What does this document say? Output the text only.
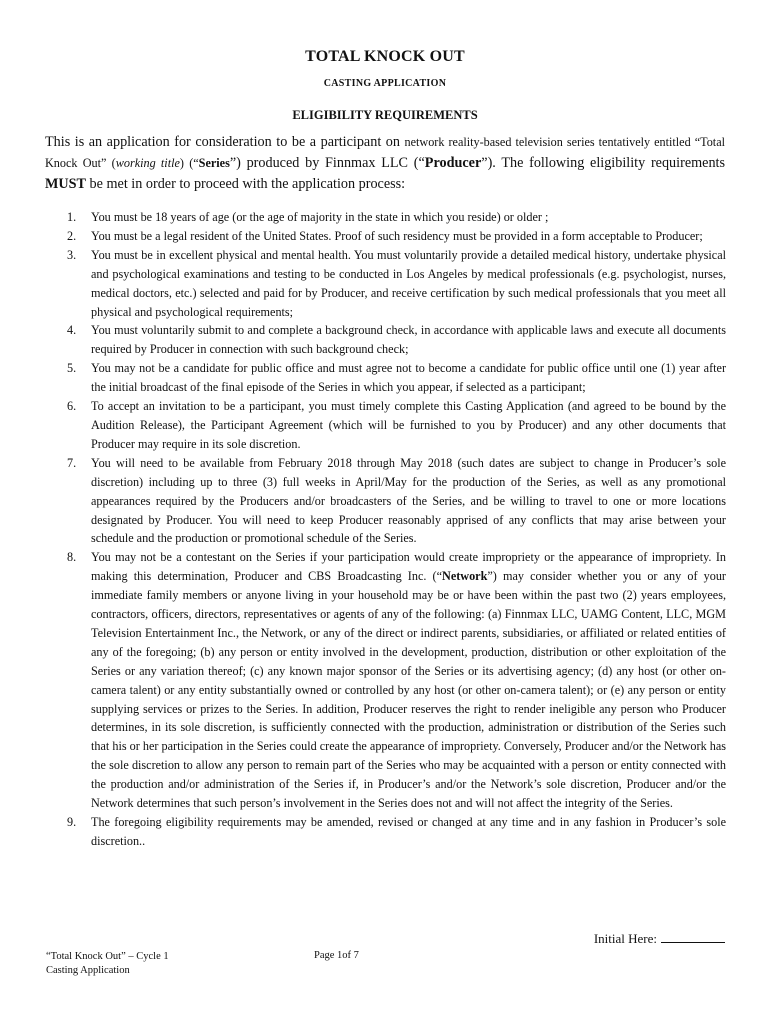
TOTAL KNOCK OUT
CASTING APPLICATION
ELIGIBILITY REQUIREMENTS

This is an application for consideration to be a participant on network reality-based television series tentatively entitled “Total Knock Out” (working title) (“Series”) produced by Finnmax LLC (“Producer”). The following eligibility requirements MUST be met in order to proceed with the application process:

1. You must be 18 years of age (or the age of majority in the state in which you reside) or older ;
2. You must be a legal resident of the United States. Proof of such residency must be provided in a form acceptable to Producer;
3. You must be in excellent physical and mental health. You must voluntarily provide a detailed medical history, undertake physical and psychological examinations and testing to be conducted in Los Angeles by medical professionals (e.g. psychologist, nurses, medical doctors, etc.) selected and paid for by Producer, and receive certification by such medical professionals that you meet all physical and psychological requirements;
4. You must voluntarily submit to and complete a background check, in accordance with applicable laws and execute all documents required by Producer in connection with such background check;
5. You may not be a candidate for public office and must agree not to become a candidate for public office until one (1) year after the initial broadcast of the final episode of the Series in which you appear, if selected as a participant;
6. To accept an invitation to be a participant, you must timely complete this Casting Application (and agreed to be bound by the Audition Release), the Participant Agreement (which will be furnished to you by Producer) and any other documents that Producer may require in its sole discretion.
7. You will need to be available from February 2018 through May 2018 (such dates are subject to change in Producer’s sole discretion) including up to three (3) full weeks in April/May for the production of the Series, as well as any promotional appearances required by the Producers and/or broadcasters of the Series, and be willing to travel to one or more locations designated by Producer. You will need to keep Producer reasonably apprised of any conflicts that may arise between your schedule and the production or promotional schedule of the Series.
8. You may not be a contestant on the Series if your participation would create impropriety or the appearance of impropriety. In making this determination, Producer and CBS Broadcasting Inc. (“Network”) may consider whether you or any of your immediate family members or anyone living in your household may be or have been within the past two (2) years employees, contractors, officers, directors, representatives or agents of any of the following: (a) Finnmax LLC, UAMG Content, LLC, MGM Television Entertainment Inc., the Network, or any of the direct or indirect parents, subsidiaries, or affiliated or related entities of any of the foregoing; (b) any person or entity involved in the development, production, distribution or other exploitation of the Series or any variation thereof; (c) any known major sponsor of the Series or its advertising agency; (d) any host (or other on-camera talent) or any entity substantially owned or controlled by any host (or other on-camera talent); or (e) any person or entity supplying services or prizes to the Series. In addition, Producer reserves the right to render ineligible any person who Producer determines, in its sole discretion, is sufficiently connected with the production, administration or distribution of the Series such that his or her participation in the Series could create the appearance of impropriety. Conversely, Producer and/or the Network has the sole discretion to allow any person to remain part of the Series who may be acquainted with a person or entity connected with the production and/or administration of the Series if, in Producer’s and/or the Network’s sole discretion, Producer and/or the Network determines that such person’s involvement in the Series does not and will not affect the integrity of the Series.
9. The foregoing eligibility requirements may be amended, revised or changed at any time and in any fashion in Producer’s sole discretion..
Initial Here:
“Total Knock Out” – Cycle 1
Casting Application
Page 1of 7
